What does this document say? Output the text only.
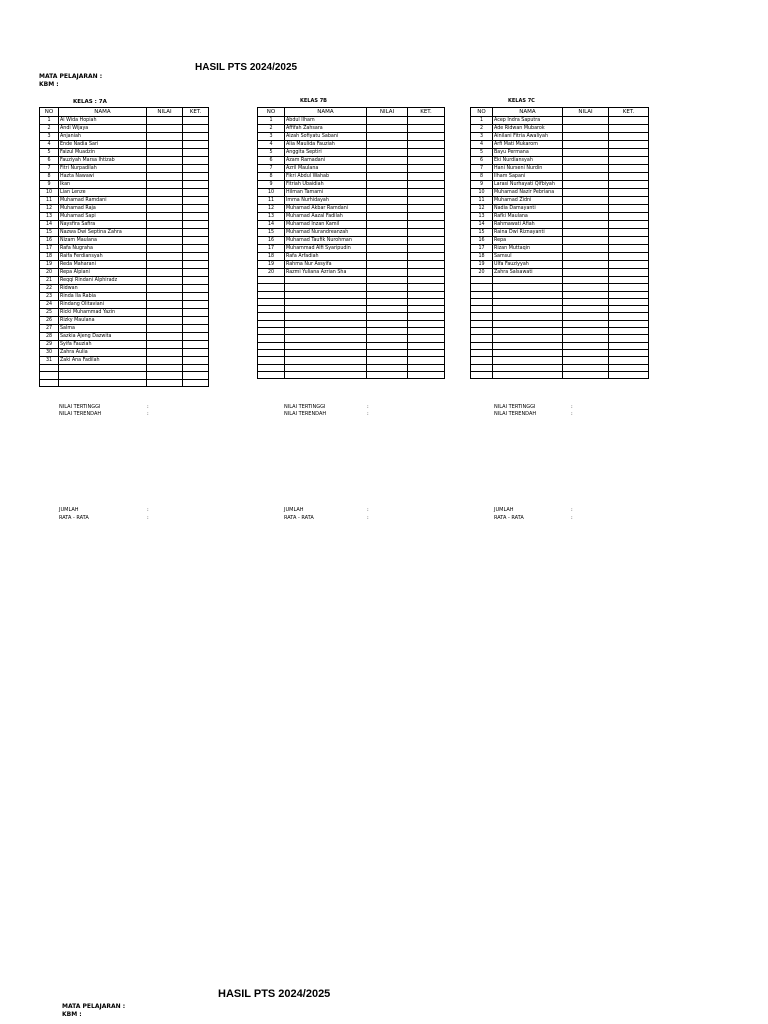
HASIL PTS 2024/2025
MATA PELAJARAN :
KBM :
KELAS : 7A	KELAS 7B	KELAS 7C
NO	NAMA	NILAI	KET.
1	Ai Wida Hopiah		
2	Andi Wijaya		
3	Anjaniah		
4	Ende Nadia Sari		
5	Faizul Muadzin		
6	Fauziyah Marsa Ihtizab		
7	Fitri Nurpadilah		
8	Hazta Nawawi		
9	Ikan		
10	Lian Lenze		
11	Muhamad Ramdani		
12	Muhamad Raja		
13	Muhamad Sapi		
14	Naysfira Safira		
15	Nazwa Dwi Septina Zahra		
16	Nizam Maulana		
17	Rafa Nugraha		
18	Raifa Ferdiansyah		
19	Reda Maharani		
20	Repa Alpiani		
21	Reqqi Rindani Alphiradz		
22	Ridwan		
23	Rinda Ila Rabia		
24	Rindang Olitaviani		
25	Ricki Muhammad Yazin		
26	Rizky Maulana		
27	Salma		
28	Sazkia Ajeng Dazwita		
29	Syifa Fauziah		
30	Zahra Aulia		
31	Zaki Ana Fadilah		

NO	NAMA	NILAI	KET.
1	Abdul Ilham		
2	Affifah Zahsara		
3	Aizah Sofiyatu Sabani		
4	Alia Maulida Fauziah		
5	Anggita Septiri		
6	Azam Ramadani		
7	Azril Maulana		
8	Fikri Abdul Wahab		
9	Fitriah Ubaidiah		
10	Hilman Tamami		
11	Imma Nurhidayah		
12	Muhamad Akbar Ramdani		
13	Muhamad Aazal Fadilah		
14	Muhamad Inzan Kamil		
15	Muhamad Nurandreanzah		
16	Muhamad Taufik Nurohman		
17	Muhammad Alfi Syaripudin		
18	Rafa Arfadiah		
19	Rahma Nur Assyifa		
20	Razmi Yuliana Azrian Sha		

NO	NAMA	NILAI	KET.
1	Acep Indra Saputra		
2	Ade Ridwan Mubarok		
3	Ainilani Fitria Awaliyah		
4	Arfi Mati Mukarom		
5	Bayu Permana		
6	Eki Nurdiansyah		
7	Hani Nurseni Nurdin		
8	Ilham Sapani		
9	Larasi Nurhayati Qifbiyah		
10	Muhamad Nazir Pebriana		
11	Muhamad Zidni		
12	Nadia Damayanti		
13	Rafki Maulana		
14	Rahmawati Afiah		
15	Raina Dwi Riznayanti		
16	Repa		
17	Rizan Muttaqin		
18	Samsul		
19	Ulfa Fauziyyah		
20	Zahra Salsawati		

NILAI TERTINGGI	:
NILAI TERENDAH	:
JUMLAH	:
RATA - RATA	:
NILAI TERTINGGI	:
NILAI TERENDAH	:
JUMLAH	:
RATA - RATA	:
NILAI TERTINGGI	:
NILAI TERENDAH	:
JUMLAH	:
RATA - RATA	:
HASIL PTS 2024/2025
MATA PELAJARAN :
KBM :
